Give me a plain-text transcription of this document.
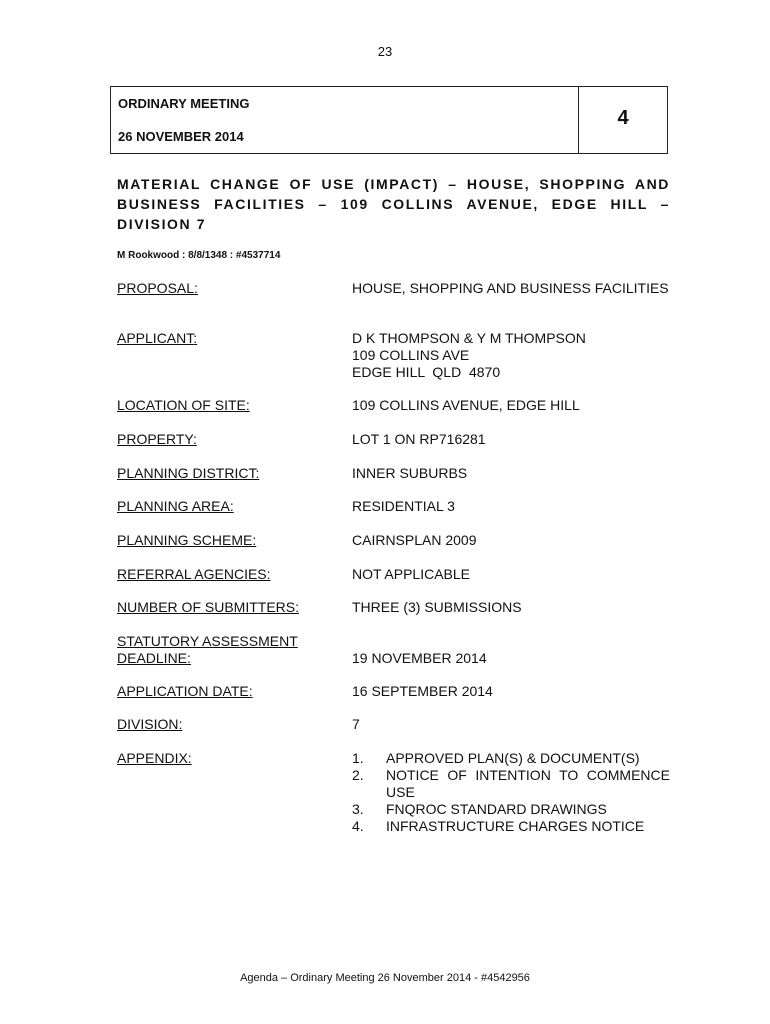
23
ORDINARY MEETING
26 NOVEMBER 2014
4
MATERIAL CHANGE OF USE (IMPACT) – HOUSE, SHOPPING AND BUSINESS FACILITIES – 109 COLLINS AVENUE, EDGE HILL – DIVISION 7
M Rookwood : 8/8/1348 : #4537714
PROPOSAL:	HOUSE, SHOPPING AND BUSINESS FACILITIES
APPLICANT:	D K THOMPSON & Y M THOMPSON
109 COLLINS AVE
EDGE HILL  QLD  4870
LOCATION OF SITE:	109 COLLINS AVENUE, EDGE HILL
PROPERTY:	LOT 1 ON RP716281
PLANNING DISTRICT:	INNER SUBURBS
PLANNING AREA:	RESIDENTIAL 3
PLANNING SCHEME:	CAIRNSPLAN 2009
REFERRAL AGENCIES:	NOT APPLICABLE
NUMBER OF SUBMITTERS:	THREE (3) SUBMISSIONS
STATUTORY ASSESSMENT
DEADLINE:	19 NOVEMBER 2014
APPLICATION DATE:	16 SEPTEMBER 2014
DIVISION:	7
APPENDIX:	1. APPROVED PLAN(S) & DOCUMENT(S)
2. NOTICE OF INTENTION TO COMMENCE USE
3. FNQROC STANDARD DRAWINGS
4. INFRASTRUCTURE CHARGES NOTICE
Agenda – Ordinary Meeting 26 November 2014 - #4542956
